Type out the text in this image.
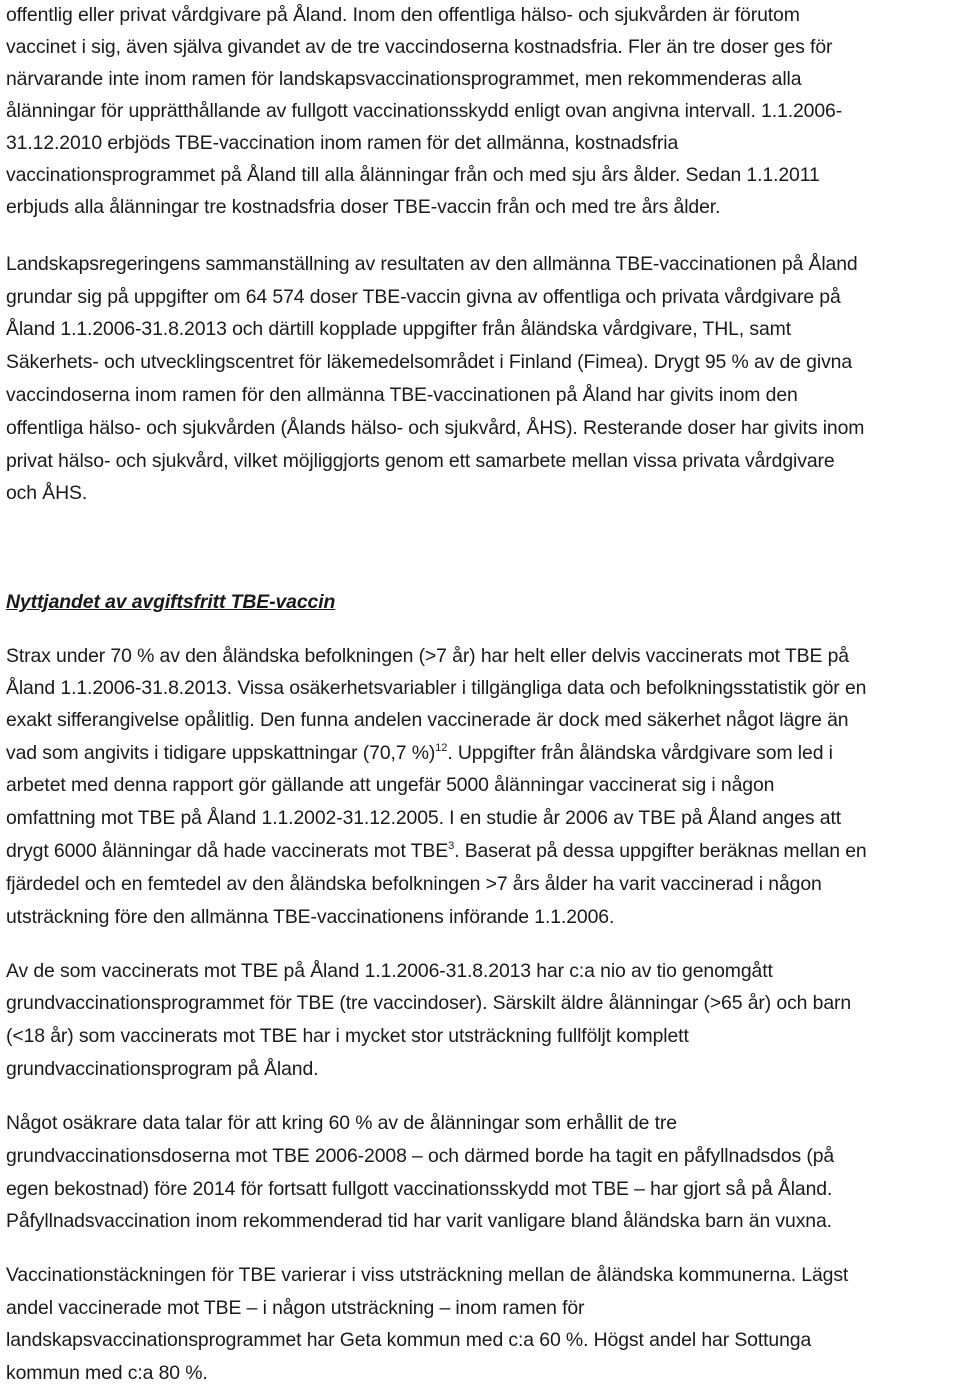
offentlig eller privat vårdgivare på Åland. Inom den offentliga hälso- och sjukvården är förutom
vaccinet i sig, även själva givandet av de tre vaccindoserna kostnadsfria. Fler än tre doser ges för
närvarande inte inom ramen för landskapsvaccinationsprogrammet, men rekommenderas alla
ålänningar för upprätthållande av fullgott vaccinationsskydd enligt ovan angivna intervall. 1.1.2006-
31.12.2010 erbjöds TBE-vaccination inom ramen för det allmänna, kostnadsfria
vaccinationsprogrammet på Åland till alla ålänningar från och med sju års ålder. Sedan 1.1.2011
erbjuds alla ålänningar tre kostnadsfria doser TBE-vaccin från och med tre års ålder.
Landskapsregeringens sammanställning av resultaten av den allmänna TBE-vaccinationen på Åland
grundar sig på uppgifter om 64 574 doser TBE-vaccin givna av offentliga och privata vårdgivare på
Åland 1.1.2006-31.8.2013 och därtill kopplade uppgifter från åländska vårdgivare, THL, samt
Säkerhets- och utvecklingscentret för läkemedelsområdet i Finland (Fimea). Drygt 95 % av de givna
vaccindoserna inom ramen för den allmänna TBE-vaccinationen på Åland har givits inom den
offentliga hälso- och sjukvården (Ålands hälso- och sjukvård, ÅHS). Resterande doser har givits inom
privat hälso- och sjukvård, vilket möjliggjorts genom ett samarbete mellan vissa privata vårdgivare
och ÅHS.
Nyttjandet av avgiftsfritt TBE-vaccin
Strax under 70 % av den åländska befolkningen (>7 år) har helt eller delvis vaccinerats mot TBE på
Åland 1.1.2006-31.8.2013. Vissa osäkerhetsvariabler i tillgängliga data och befolkningsstatistik gör en
exakt sifferangivelse opålitlig. Den funna andelen vaccinerade är dock med säkerhet något lägre än
vad som angivits i tidigare uppskattningar (70,7 %)$^{12}$. Uppgifter från åländska vårdgivare som led i
arbetet med denna rapport gör gällande att ungefär 5000 ålänningar vaccinerat sig i någon
omfattning mot TBE på Åland 1.1.2002-31.12.2005. I en studie år 2006 av TBE på Åland anges att
drygt 6000 ålänningar då hade vaccinerats mot TBE$^3$. Baserat på dessa uppgifter beräknas mellan en
fjärdedel och en femtedel av den åländska befolkningen >7 års ålder ha varit vaccinerad i någon
utsträckning före den allmänna TBE-vaccinationens införande 1.1.2006.
Av de som vaccinerats mot TBE på Åland 1.1.2006-31.8.2013 har c:a nio av tio genomgått
grundvaccinationsprogrammet för TBE (tre vaccindoser). Särskilt äldre ålänningar (>65 år) och barn
(<18 år) som vaccinerats mot TBE har i mycket stor utsträckning fullföljt komplett
grundvaccinationsprogram på Åland.
Något osäkrare data talar för att kring 60 % av de ålänningar som erhållit de tre
grundvaccinationsdoserna mot TBE 2006-2008 – och därmed borde ha tagit en påfyllnadsdos (på
egen bekostnad) före 2014 för fortsatt fullgott vaccinationsskydd mot TBE – har gjort så på Åland.
Påfyllnadsvaccination inom rekommenderad tid har varit vanligare bland åländska barn än vuxna.
Vaccinationstäckningen för TBE varierar i viss utsträckning mellan de åländska kommunerna. Lägst
andel vaccinerade mot TBE – i någon utsträckning – inom ramen för
landskapsvaccinationsprogrammet har Geta kommun med c:a 60 %. Högst andel har Sottunga
kommun med c:a 80 %.
